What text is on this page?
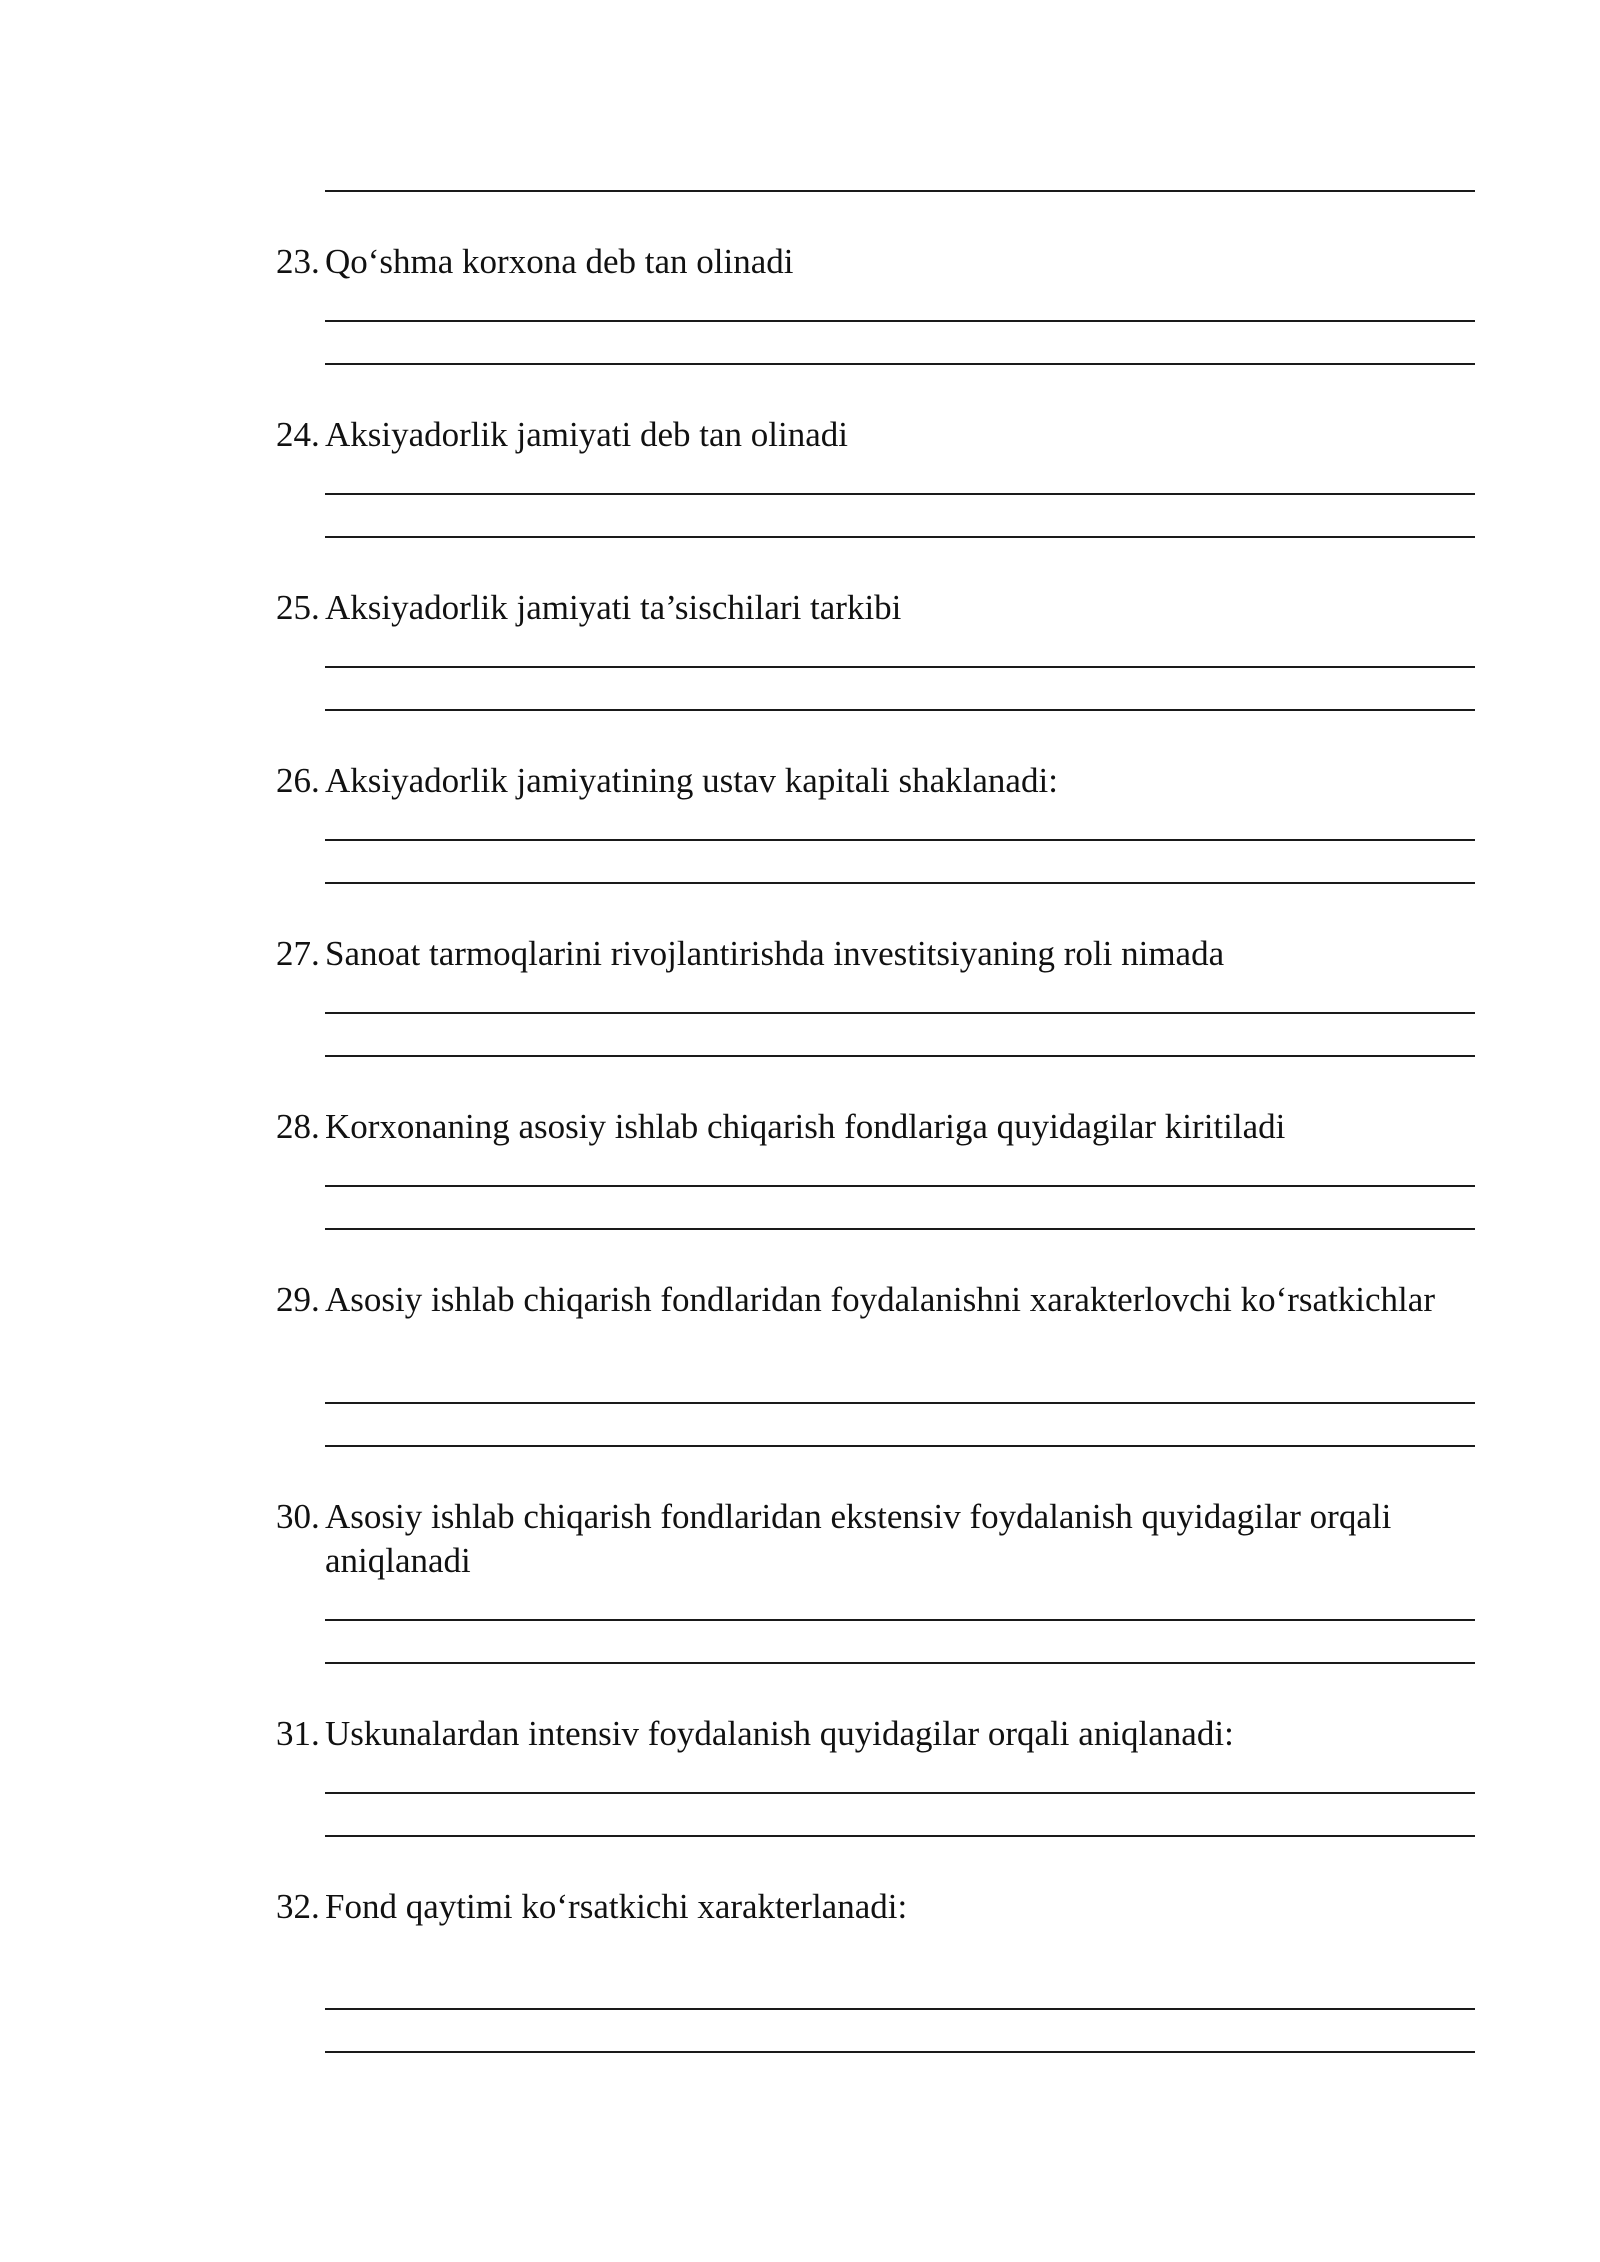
23. Qo‘shma korxona deb tan olinadi
24. Aksiyadorlik jamiyati deb tan olinadi
25. Aksiyadorlik jamiyati ta’sischilari tarkibi
26. Aksiyadorlik jamiyatining ustav kapitali shaklanadi:
27. Sanoat tarmoqlarini rivojlantirishda investitsiyaning roli nimada
28. Korxonaning asosiy ishlab chiqarish fondlariga quyidagilar kiritiladi
29. Asosiy ishlab chiqarish fondlaridan foydalanishni xarakterlovchi ko‘rsatkichlar
30. Asosiy ishlab chiqarish fondlaridan ekstensiv foydalanish quyidagilar orqali aniqlanadi
31. Uskunalardan intensiv foydalanish quyidagilar orqali aniqlanadi:
32. Fond qaytimi ko‘rsatkichi xarakterlanadi:
